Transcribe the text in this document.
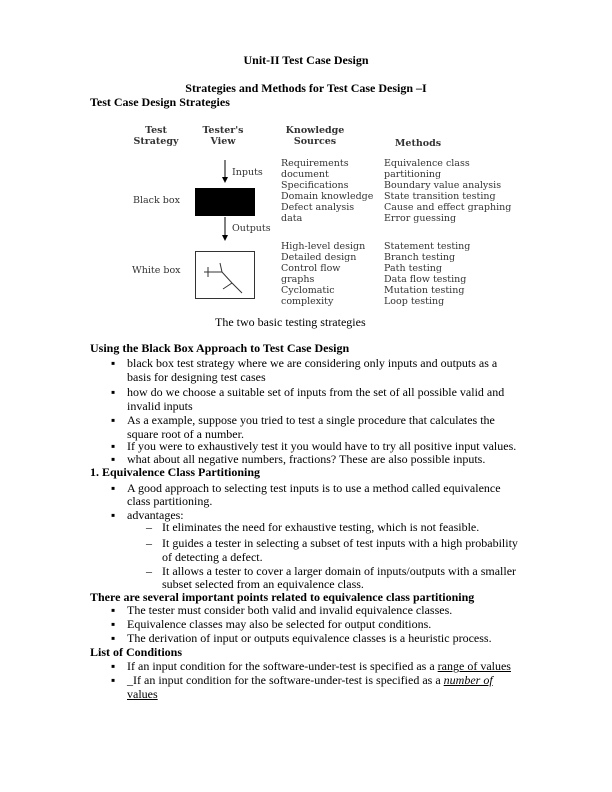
Unit-II Test Case Design
Strategies and Methods for Test Case Design –I
Test Case Design Strategies
Test Strategy
Tester's View
Knowledge Sources	Methods
Black box
White box
Inputs
Outputs
Requirements
document
Specifications
Domain knowledge
Defect analysis
data
Equivalence class
partitioning
Boundary value analysis
State transition testing
Cause and effect graphing
Error guessing
High-level design
Detailed design
Control flow
graphs
Cyclomatic
complexity
Statement testing
Branch testing
Path testing
Data flow testing
Mutation testing
Loop testing
The two basic testing strategies
Using the Black Box Approach to Test Case Design
1. Equivalence Class Partitioning
There are several important points related to equivalence class partitioning
List of Conditions
▪ If an input condition for the software-under-test is specified as a range of values
▪ _If an input condition for the software-under-test is specified as a number of
values
▪ black box test strategy where we are considering only inputs and outputs as a
basis for designing test cases
▪ how do we choose a suitable set of inputs from the set of all possible valid and
invalid inputs
▪ As a example, suppose you tried to test a single procedure that calculates the
square root of a number.
▪ If you were to exhaustively test it you would have to try all positive input values.
▪ what about all negative numbers, fractions? These are also possible inputs.
▪ A good approach to selecting test inputs is to use a method called equivalence
class partitioning.
▪ advantages:
– It eliminates the need for exhaustive testing, which is not feasible.
– It guides a tester in selecting a subset of test inputs with a high probability
of detecting a defect.
– It allows a tester to cover a larger domain of inputs/outputs with a smaller
subset selected from an equivalence class.
▪ The tester must consider both valid and invalid equivalence classes.
▪ Equivalence classes may also be selected for output conditions.
▪ The derivation of input or outputs equivalence classes is a heuristic process.
